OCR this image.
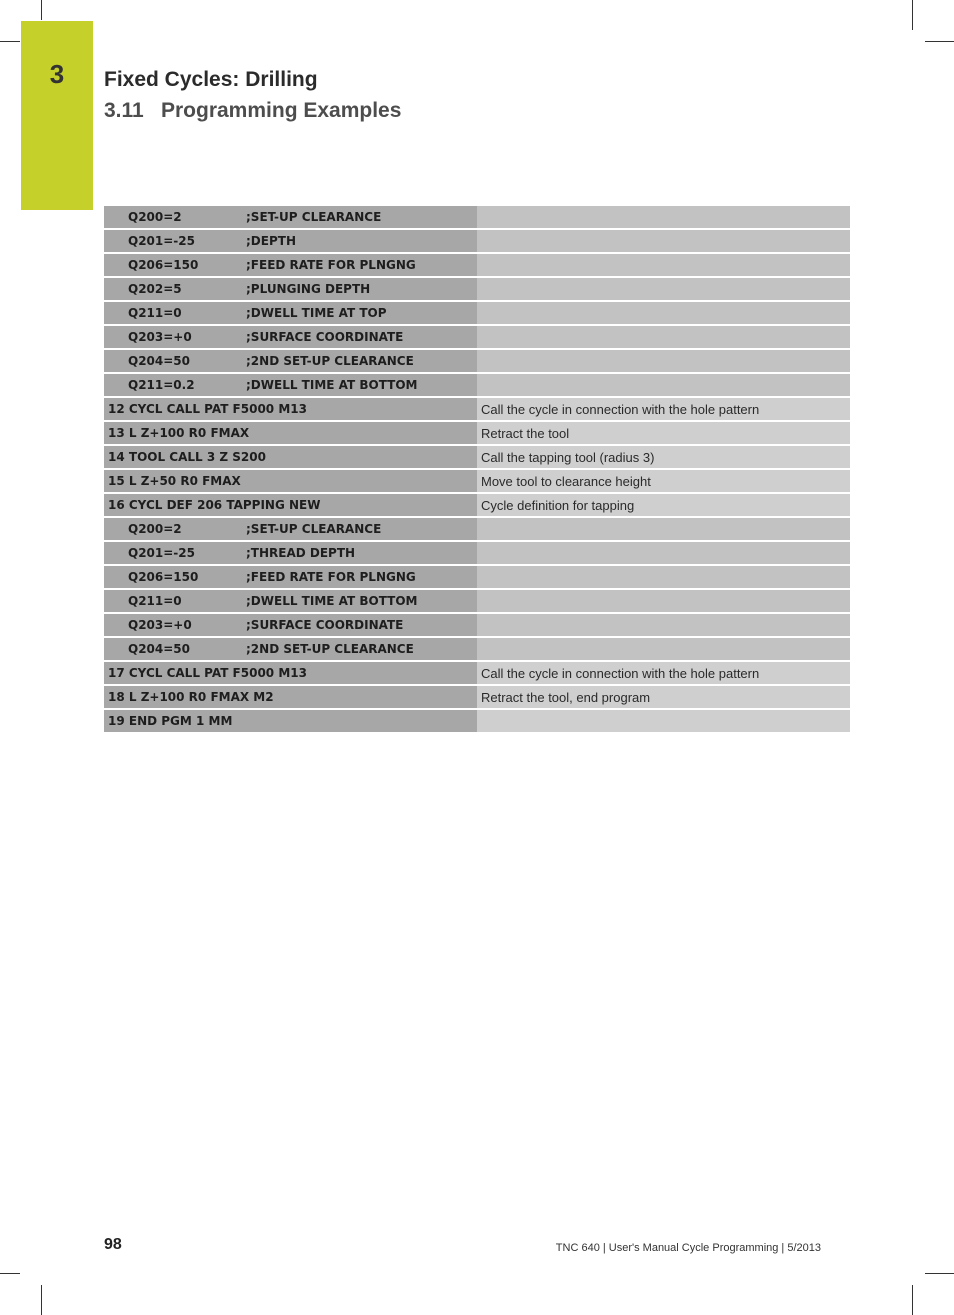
3	Fixed Cycles: Drilling
3.11 Programming Examples
Q200=2 ;SET-UP CLEARANCE	
Q201=-25 ;DEPTH	
Q206=150 ;FEED RATE FOR PLNGNG	
Q202=5 ;PLUNGING DEPTH	
Q211=0 ;DWELL TIME AT TOP	
Q203=+0 ;SURFACE COORDINATE	
Q204=50 ;2ND SET-UP CLEARANCE	
Q211=0.2 ;DWELL TIME AT BOTTOM	
12 CYCL CALL PAT F5000 M13	Call the cycle in connection with the hole pattern
13 L Z+100 R0 FMAX	Retract the tool
14 TOOL CALL 3 Z S200	Call the tapping tool (radius 3)
15 L Z+50 R0 FMAX	Move tool to clearance height
16 CYCL DEF 206 TAPPING NEW	Cycle definition for tapping
Q200=2 ;SET-UP CLEARANCE	
Q201=-25 ;THREAD DEPTH	
Q206=150 ;FEED RATE FOR PLNGNG	
Q211=0 ;DWELL TIME AT BOTTOM	
Q203=+0 ;SURFACE COORDINATE	
Q204=50 ;2ND SET-UP CLEARANCE	
17 CYCL CALL PAT F5000 M13	Call the cycle in connection with the hole pattern
18 L Z+100 R0 FMAX M2	Retract the tool, end program
19 END PGM 1 MM	
98	TNC 640 | User's Manual Cycle Programming | 5/2013
